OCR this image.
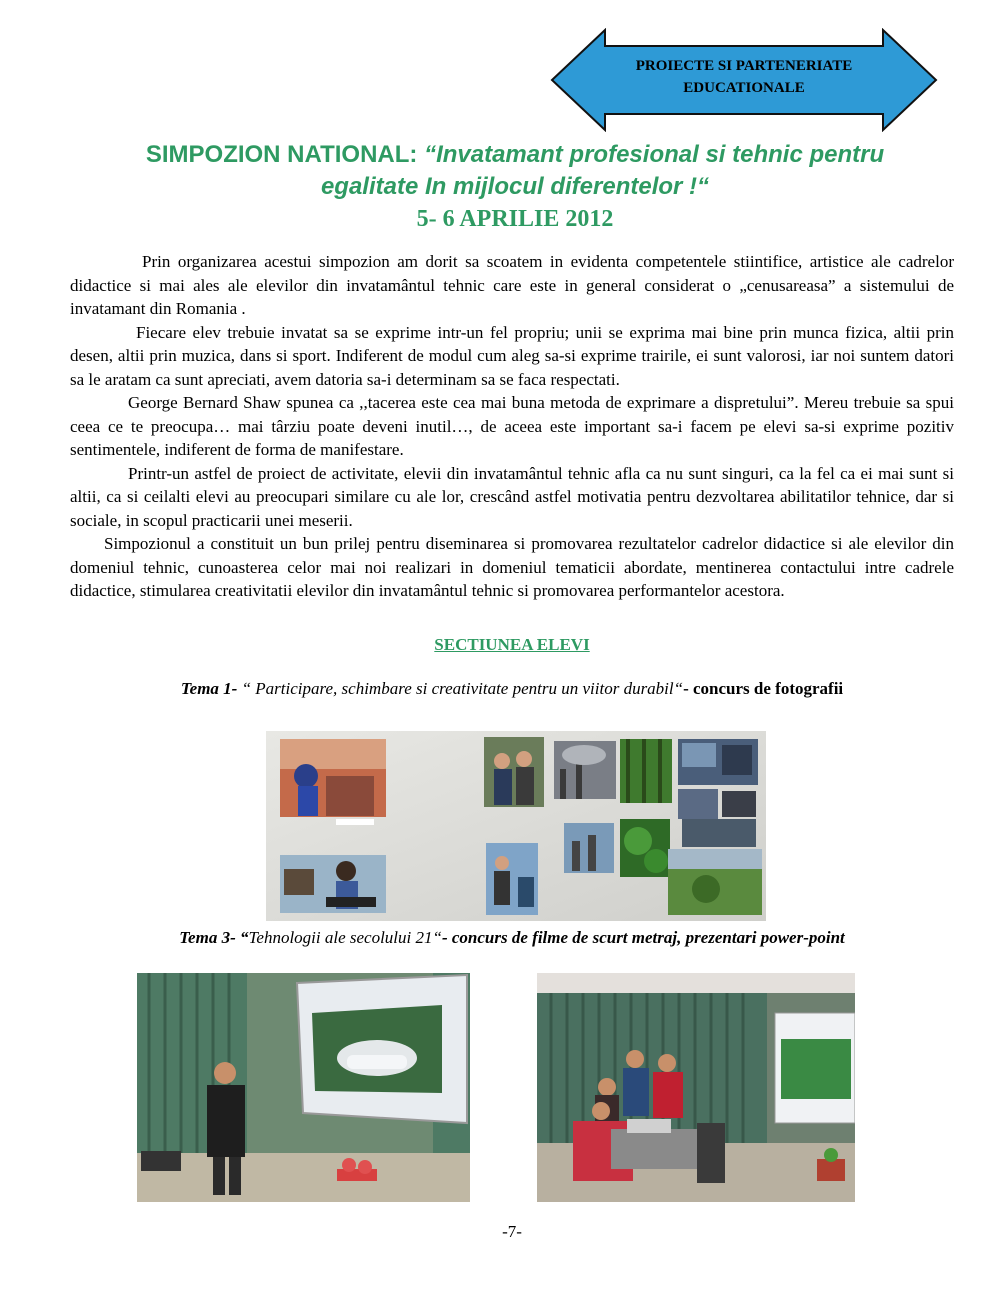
PROIECTE SI PARTENERIATE
EDUCATIONALE
SIMPOZION NATIONAL: “Invatamant profesional si tehnic pentru
egalitate In mijlocul diferentelor !“
5- 6 APRILIE 2012

Prin organizarea acestui simpozion am dorit sa scoatem in evidenta competentele stiintifice, artistice ale cadrelor didactice si mai ales ale elevilor din invatamântul tehnic care este in general considerat o „cenusareasa” a sistemului de invatamant din Romania .

Fiecare elev trebuie invatat sa se exprime intr-un fel propriu; unii se exprima mai bine prin munca fizica, altii prin desen, altii prin muzica, dans si sport. Indiferent de modul cum aleg sa-si exprime trairile, ei sunt valorosi, iar noi suntem datori sa le aratam ca sunt apreciati, avem datoria sa-i determinam sa se faca respectati.

George Bernard Shaw spunea ca ,,tacerea este cea mai buna metoda de exprimare a dispretului”. Mereu trebuie sa spui ceea ce te preocupa… mai târziu poate deveni inutil…, de aceea este important sa-i facem pe elevi sa-si exprime pozitiv sentimentele, indiferent de forma de manifestare.

Printr-un astfel de proiect de activitate, elevii din invatamântul tehnic afla ca nu sunt singuri, ca la fel ca ei mai sunt si altii, ca si ceilalti elevi au preocupari similare cu ale lor, crescând astfel motivatia pentru dezvoltarea abilitatilor tehnice, dar si sociale, in scopul practicarii unei meserii.

Simpozionul a constituit un bun prilej pentru diseminarea si promovarea rezultatelor cadrelor didactice si ale elevilor din domeniul tehnic, cunoasterea celor mai noi realizari in domeniul tematicii abordate, mentinerea contactului intre cadrele didactice, stimularea creativitatii elevilor din invatamântul tehnic si promovarea performantelor acestora.

SECTIUNEA ELEVI
Tema 1- “ Participare, schimbare si creativitate pentru un viitor durabil“- concurs de fotografii
Tema 3- “Tehnologii ale secolului 21“- concurs de filme de scurt metraj, prezentari power-point
-7-
